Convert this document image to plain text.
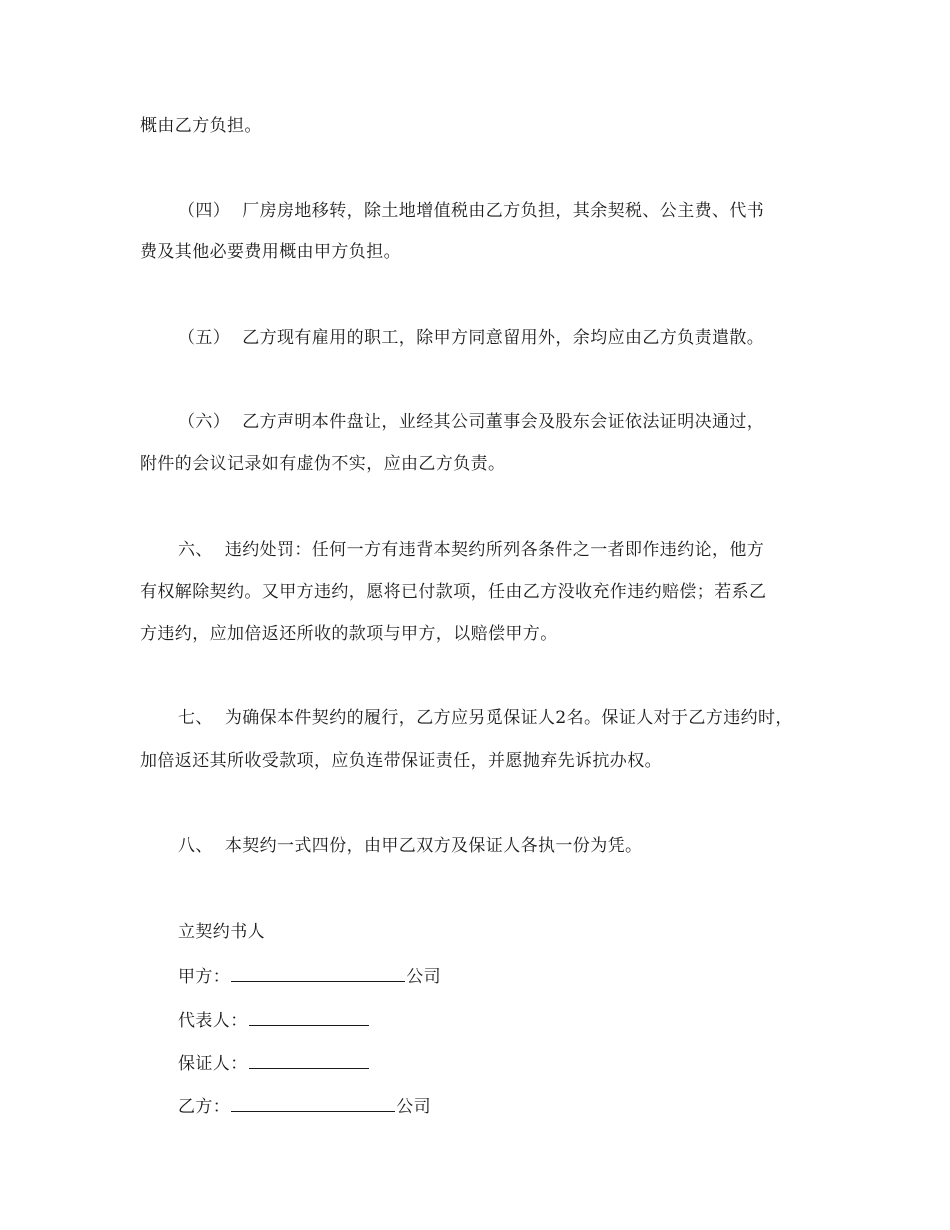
概由乙方负担。
（四） 厂房房地移转，除土地增值税由乙方负担，其余契税、公主费、代书
费及其他必要费用概由甲方负担。
（五） 乙方现有雇用的职工，除甲方同意留用外，余均应由乙方负责遣散。
（六） 乙方声明本件盘让，业经其公司董事会及股东会证依法证明决通过，
附件的会议记录如有虚伪不实，应由乙方负责。
六、 违约处罚：任何一方有违背本契约所列各条件之一者即作违约论，他方
有权解除契约。又甲方违约，愿将已付款项，任由乙方没收充作违约赔偿；若系乙
方违约，应加倍返还所收的款项与甲方，以赔偿甲方。
七、 为确保本件契约的履行，乙方应另觅保证人2名。保证人对于乙方违约时，
加倍返还其所收受款项，应负连带保证责任，并愿抛弃先诉抗办权。
八、 本契约一式四份，由甲乙双方及保证人各执一份为凭。
立契约书人
甲方：	公司
代表人：
保证人：
乙方：	公司
